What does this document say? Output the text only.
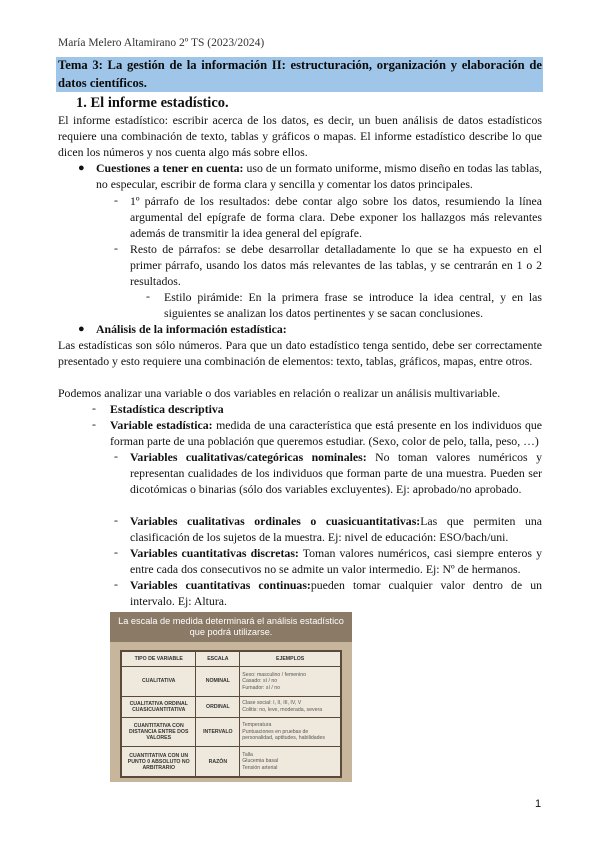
María Melero Altamirano 2º TS (2023/2024)
Tema 3: La gestión de la información II: estructuración, organización y elaboración de datos científicos.
1. El informe estadístico.
El informe estadístico: escribir acerca de los datos, es decir, un buen análisis de datos estadísticos requiere una combinación de texto, tablas y gráficos o mapas. El informe estadístico describe lo que dicen los números y nos cuenta algo más sobre ellos.
● Cuestiones a tener en cuenta: uso de un formato uniforme, mismo diseño en todas las tablas, no especular, escribir de forma clara y sencilla y comentar los datos principales.
- 1º párrafo de los resultados: debe contar algo sobre los datos, resumiendo la línea argumental del epígrafe de forma clara. Debe exponer los hallazgos más relevantes además de transmitir la idea general del epígrafe.
- Resto de párrafos: se debe desarrollar detalladamente lo que se ha expuesto en el primer párrafo, usando los datos más relevantes de las tablas, y se centrarán en 1 o 2 resultados.
- Estilo pirámide: En la primera frase se introduce la idea central, y en las siguientes se analizan los datos pertinentes y se sacan conclusiones.
● Análisis de la información estadística:
Las estadísticas son sólo números. Para que un dato estadístico tenga sentido, debe ser correctamente presentado y esto requiere una combinación de elementos: texto, tablas, gráficos, mapas, entre otros.
Podemos analizar una variable o dos variables en relación o realizar un análisis multivariable.
- Estadística descriptiva
- Variable estadística: medida de una característica que está presente en los individuos que forman parte de una población que queremos estudiar. (Sexo, color de pelo, talla, peso, …)
- Variables cualitativas/categóricas nominales: No toman valores numéricos y representan cualidades de los individuos que forman parte de una muestra. Pueden ser dicotómicas o binarias (sólo dos variables excluyentes). Ej: aprobado/no aprobado.
- Variables cualitativas ordinales o cuasicuantitativas:Las que permiten una clasificación de los sujetos de la muestra. Ej: nivel de educación: ESO/bach/uni.
- Variables cuantitativas discretas: Toman valores numéricos, casi siempre enteros y entre cada dos consecutivos no se admite un valor intermedio. Ej: Nº de hermanos.
- Variables cuantitativas continuas:pueden tomar cualquier valor dentro de un intervalo. Ej: Altura.
La escala de medida determinará el análisis estadístico que podrá utilizarse.
TIPO DE VARIABLE	ESCALA	EJEMPLOS
CUALITATIVA	NOMINAL	Sexo: masculino / femenino
Casado: sí / no
Fumador: sí / no
CUALITATIVA ORDINAL CUASICUANTITATIVA	ORDINAL	Clase social: I, II, III, IV, V
Colitis: no, leve, moderada, severa
CUANTITATIVA CON DISTANCIA ENTRE DOS VALORES	INTERVALO	Temperatura
Puntuaciones en pruebas de personalidad, aptitudes, habilidades
CUANTITATIVA CON UN PUNTO 0 ABSOLUTO NO ARBITRARIO	RAZÓN	Talla
Glucemia basal
Tensión arterial
1
